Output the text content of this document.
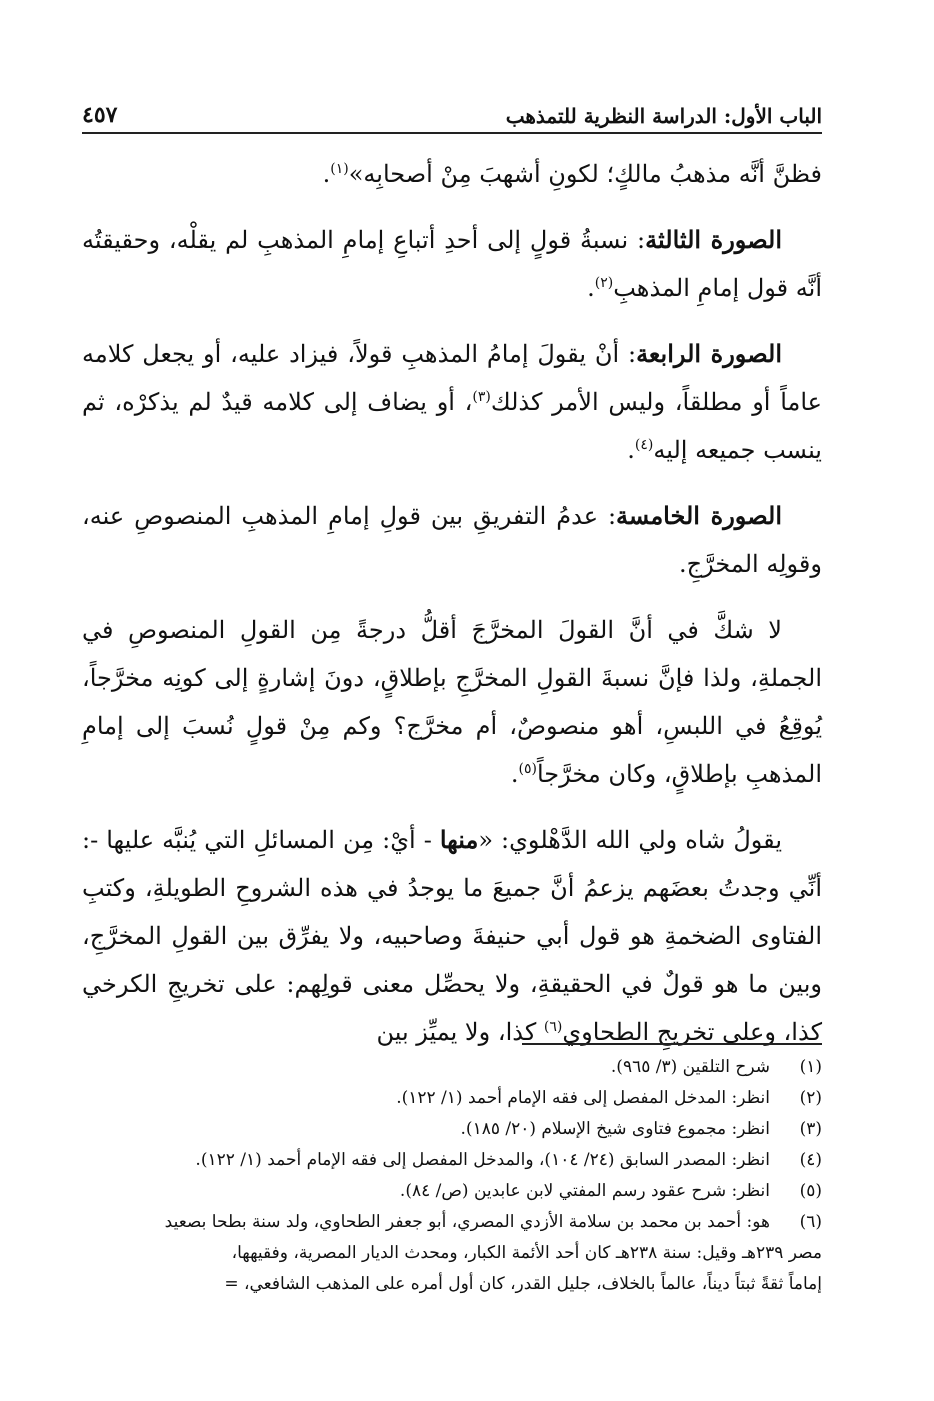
الباب الأول: الدراسة النظرية للتمذهب
٤٥٧

فظنَّ أنَّه مذهبُ مالكٍ؛ لكونِ أشهبَ مِنْ أصحابِه»$^{(١)}$.

الصورة الثالثة: نسبةُ قولٍ إلى أحدِ أتباعِ إمامِ المذهبِ لم يقلْه، وحقيقتُه أنَّه قول إمامِ المذهبِ$^{(٢)}$.

الصورة الرابعة: أنْ يقولَ إمامُ المذهبِ قولاً، فيزاد عليه، أو يجعل كلامه عاماً أو مطلقاً، وليس الأمر كذلك$^{(٣)}$، أو يضاف إلى كلامه قيدٌ لم يذكرْه، ثم ينسب جميعه إليه$^{(٤)}$.

الصورة الخامسة: عدمُ التفريقِ بين قولِ إمامِ المذهبِ المنصوصِ عنه، وقولِه المخرَّجِ.

لا شكَّ في أنَّ القولَ المخرَّجَ أقلُّ درجةً مِن القولِ المنصوصِ في الجملةِ، ولذا فإنَّ نسبةَ القولِ المخرَّجِ بإطلاقٍ، دونَ إشارةٍ إلى كونِه مخرَّجاً، يُوقِعُ في اللبسِ، أهو منصوصٌ، أم مخرَّج؟ وكم مِنْ قولٍ نُسبَ إلى إمامِ المذهبِ بإطلاقٍ، وكان مخرَّجاً$^{(٥)}$.

يقولُ شاه ولي الله الدَّهْلوي: «منها - أيْ: مِن المسائلِ التي يُنبَّه عليها -: أنِّي وجدتُ بعضَهم يزعمُ أنَّ جميعَ ما يوجدُ في هذه الشروحِ الطويلةِ، وكتبِ الفتاوى الضخمةِ هو قول أبي حنيفةَ وصاحبيه، ولا يفرِّق بين القولِ المخرَّجِ، وبين ما هو قولٌ في الحقيقةِ، ولا يحصِّل معنى قولِهم: على تخريجِ الكرخي كذا، وعلى تخريجِ الطحاوي$^{(٦)}$ كذا، ولا يميِّز بين

(١)
شرح التلقين (٣/ ٩٦٥).
(٢)
انظر: المدخل المفصل إلى فقه الإمام أحمد (١/ ١٢٢).
(٣)
انظر: مجموع فتاوى شيخ الإسلام (٢٠/ ١٨٥).
(٤)
انظر: المصدر السابق (٢٤/ ١٠٤)، والمدخل المفصل إلى فقه الإمام أحمد (١/ ١٢٢).
(٥)
انظر: شرح عقود رسم المفتي لابن عابدين (ص/ ٨٤).
(٦)
هو: أحمد بن محمد بن سلامة الأزدي المصري، أبو جعفر الطحاوي، ولد سنة بطحا بصعيد
مصر ٢٣٩هـ وقيل: سنة ٢٣٨هـ كان أحد الأئمة الكبار، ومحدث الديار المصرية، وفقيهها،
إماماً ثقةً ثبتاً ديناً، عالماً بالخلاف، جليل القدر، كان أول أمره على المذهب الشافعي، =
